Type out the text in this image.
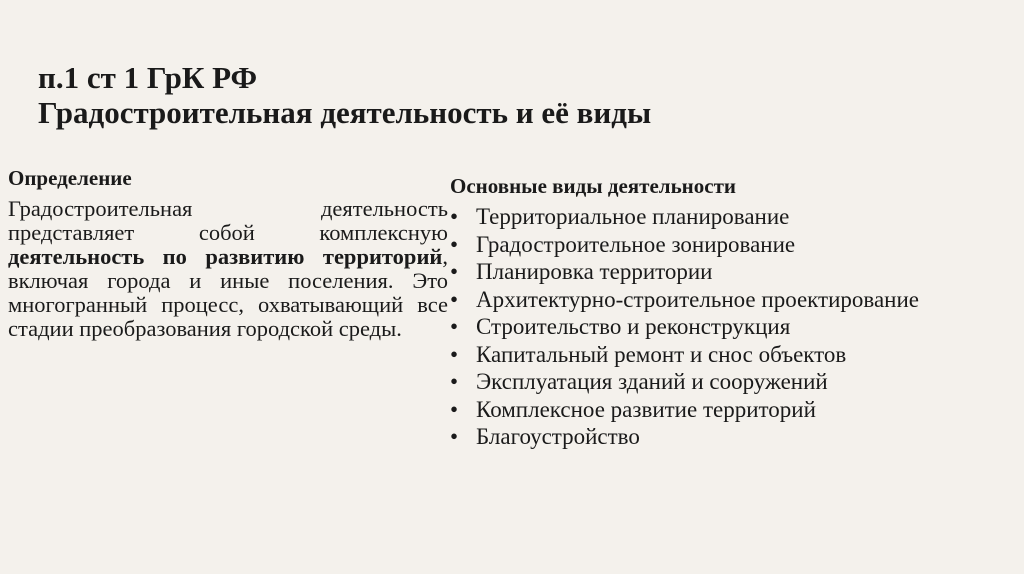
п.1 ст 1 ГрК РФ
Градостроительная деятельность и её виды
Определение

Градостроительная деятельность представляет собой комплексную деятельность по развитию территорий, включая города и иные поселения. Это многогранный процесс, охватывающий все стадии преобразования городской среды.

Основные виды деятельности
• Территориальное планирование
• Градостроительное зонирование
• Планировка территории
• Архитектурно-строительное проектирование
• Строительство и реконструкция
• Капитальный ремонт и снос объектов
• Эксплуатация зданий и сооружений
• Комплексное развитие территорий
• Благоустройство
